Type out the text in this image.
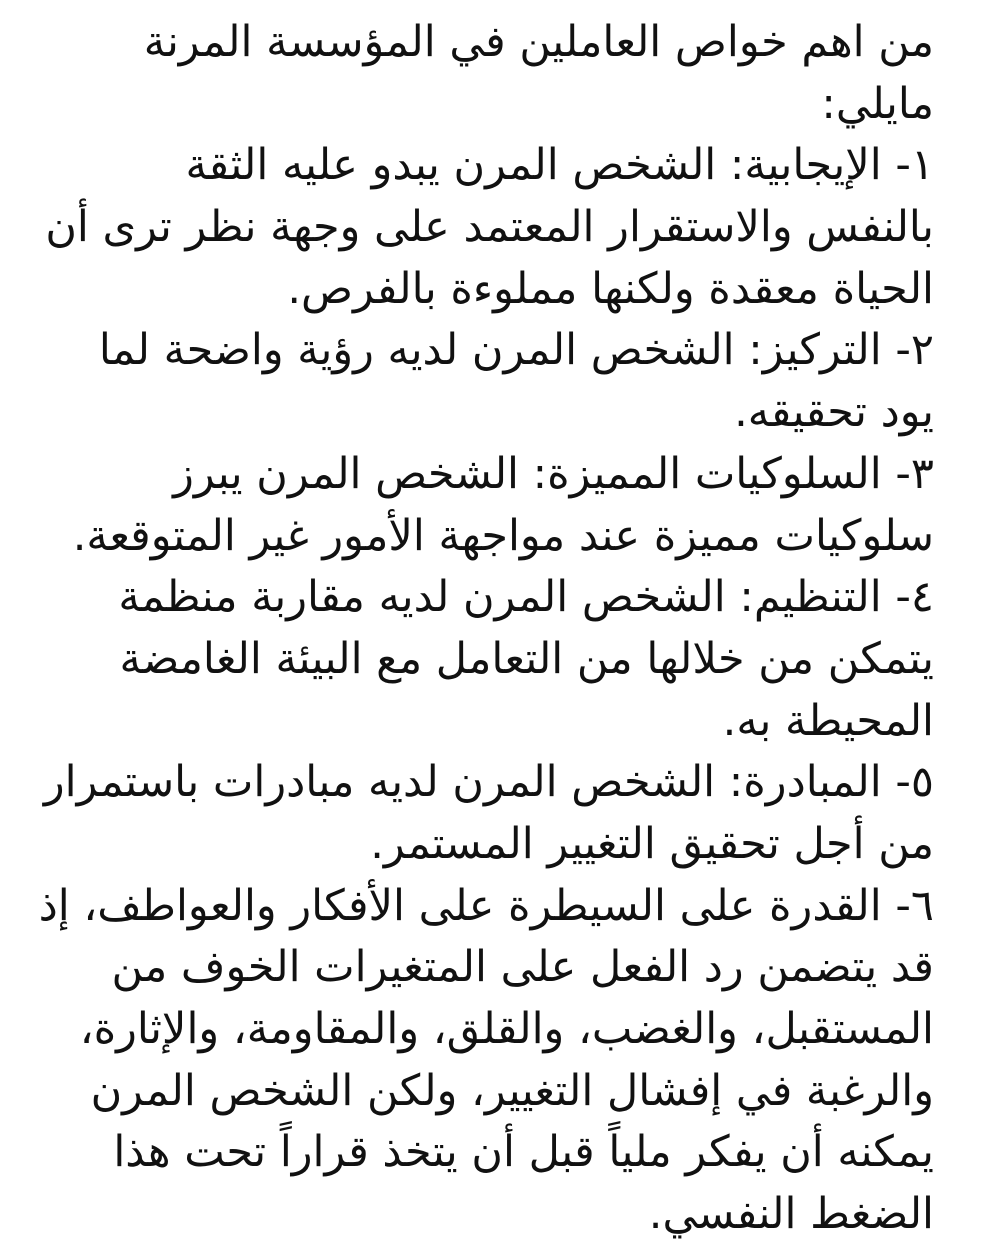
من اهم خواص العاملين في المؤسسة المرنة
مايلي:
١- الإيجابية: الشخص المرن يبدو عليه الثقة
بالنفس والاستقرار المعتمد على وجهة نظر ترى أن
الحياة معقدة ولكنها مملوءة بالفرص.
٢- التركيز: الشخص المرن لديه رؤية واضحة لما
يود تحقيقه.
٣- السلوكيات المميزة: الشخص المرن يبرز
سلوكيات مميزة عند مواجهة الأمور غير المتوقعة.
٤- التنظيم: الشخص المرن لديه مقاربة منظمة
يتمكن من خلالها من التعامل مع البيئة الغامضة
المحيطة به.
٥- المبادرة: الشخص المرن لديه مبادرات باستمرار
من أجل تحقيق التغيير المستمر.
٦- القدرة على السيطرة على الأفكار والعواطف، إذ
قد يتضمن رد الفعل على المتغيرات الخوف من
المستقبل، والغضب، والقلق، والمقاومة، والإثارة،
والرغبة في إفشال التغيير، ولكن الشخص المرن
يمكنه أن يفكر ملياً قبل أن يتخذ قراراً تحت هذا
الضغط النفسي.
